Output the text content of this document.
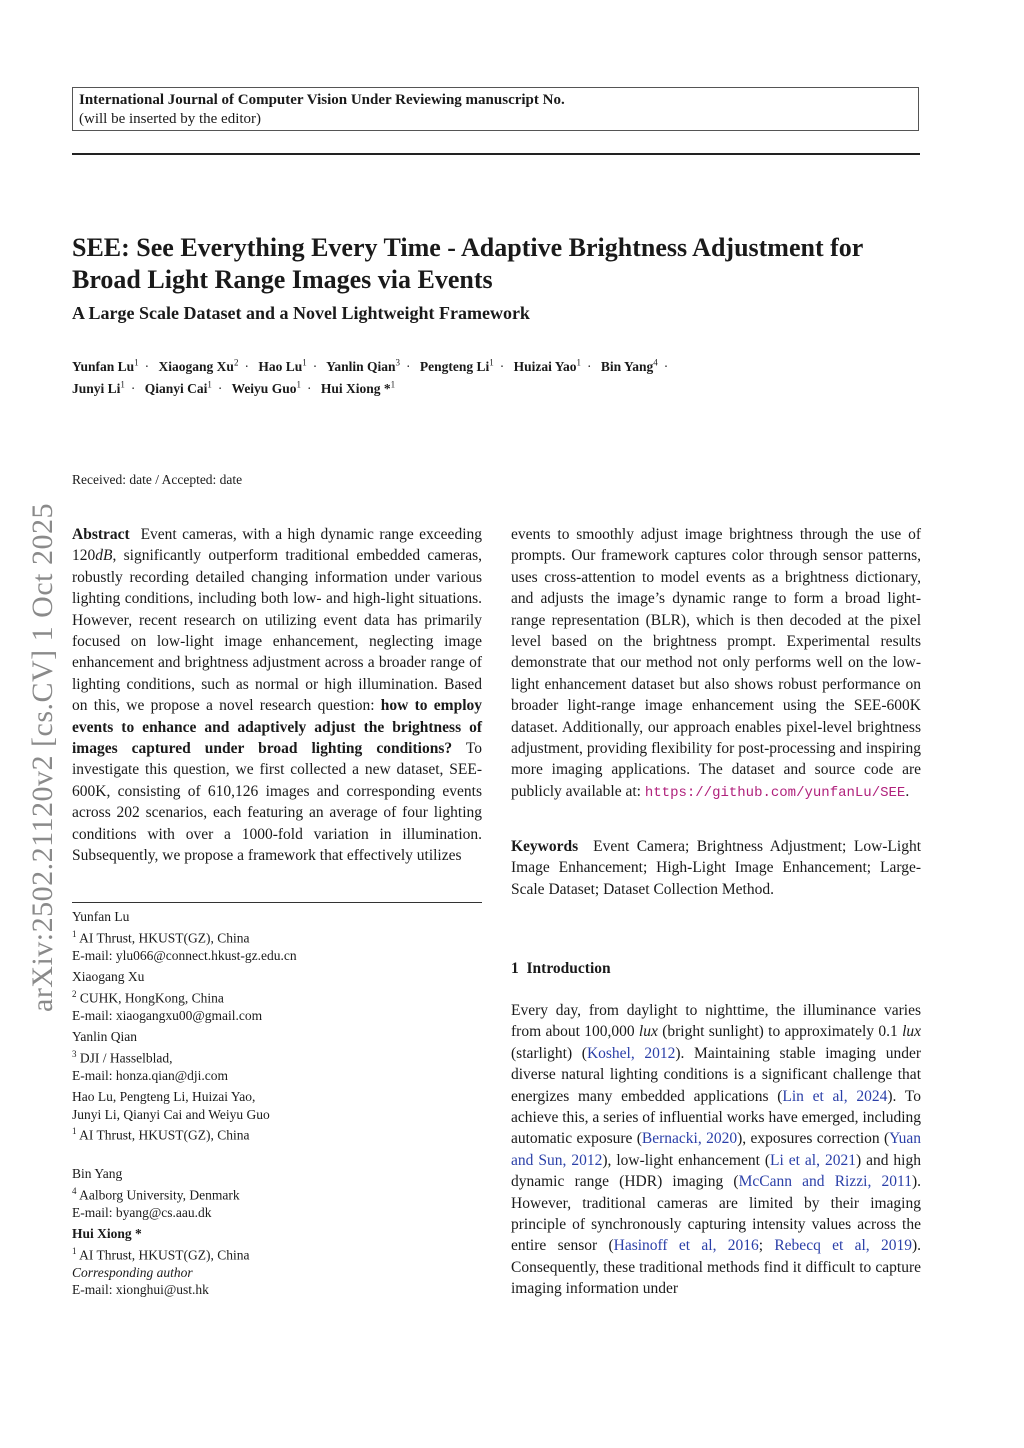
International Journal of Computer Vision Under Reviewing manuscript No.
(will be inserted by the editor)
arXiv:2502.21120v2 [cs.CV] 1 Oct 2025
SEE: See Everything Every Time - Adaptive Brightness Adjustment for Broad Light Range Images via Events
A Large Scale Dataset and a Novel Lightweight Framework
Yunfan $Lu^1$ · Xiaogang $Xu^2$ · Hao $Lu^1$ · Yanlin Qian$^3$ · Pengteng $Li^1$ · Huizai Yao$^1$ · Bin Yang$^4$ ·
Junyi $Li^1$ · Qianyi Cai$^1$ · Weiyu Guo$^1$ · Hui Xiong *$^1$
Received: date / Accepted: date
Abstract Event cameras, with a high dynamic range exceeding 120dB, significantly outperform traditional embedded cameras, robustly recording detailed changing information under various lighting conditions, including both low- and high-light situations. However, recent research on utilizing event data has primarily focused on low-light image enhancement, neglecting image enhancement and brightness adjustment across a broader range of lighting conditions, such as normal or high illumination. Based on this, we propose a novel research question: how to employ events to enhance and adaptively adjust the brightness of images captured under broad lighting conditions? To investigate this question, we first collected a new dataset, SEE-600K, consisting of 610,126 images and corresponding events across 202 scenarios, each featuring an average of four lighting conditions with over a 1000-fold variation in illumination. Subsequently, we propose a framework that effectively utilizes
events to smoothly adjust image brightness through the use of prompts. Our framework captures color through sensor patterns, uses cross-attention to model events as a brightness dictionary, and adjusts the image’s dynamic range to form a broad light-range representation (BLR), which is then decoded at the pixel level based on the brightness prompt. Experimental results demonstrate that our method not only performs well on the low-light enhancement dataset but also shows robust performance on broader light-range image enhancement using the SEE-600K dataset. Additionally, our approach enables pixel-level brightness adjustment, providing flexibility for post-processing and inspiring more imaging applications. The dataset and source code are publicly available at: https://github.com/yunfanLu/SEE.
Keywords Event Camera; Brightness Adjustment; Low-Light Image Enhancement; High-Light Image Enhancement; Large-Scale Dataset; Dataset Collection Method.
Yunfan Lu
$^1$ AI Thrust, HKUST(GZ), China
E-mail: ylu066@connect.hkust-gz.edu.cn
Xiaogang Xu
$^2$ CUHK, HongKong, China
E-mail: xiaogangxu00@gmail.com
Yanlin Qian
$^3$ DJI / Hasselblad,
E-mail: honza.qian@dji.com
Hao Lu, Pengteng Li, Huizai Yao,
Junyi Li, Qianyi Cai and Weiyu Guo
$^1$ AI Thrust, HKUST(GZ), China
Bin Yang
$^4$ Aalborg University, Denmark
E-mail: byang@cs.aau.dk
Hui Xiong *
$^1$ AI Thrust, HKUST(GZ), China
Corresponding author
E-mail: xionghui@ust.hk
1 Introduction
Every day, from daylight to nighttime, the illuminance varies from about 100,000 lux (bright sunlight) to approximately 0.1 lux (starlight) (Koshel, 2012). Maintaining stable imaging under diverse natural lighting conditions is a significant challenge that energizes many embedded applications (Lin et al, 2024). To achieve this, a series of influential works have emerged, including automatic exposure (Bernacki, 2020), exposures correction (Yuan and Sun, 2012), low-light enhancement (Li et al, 2021) and high dynamic range (HDR) imaging (McCann and Rizzi, 2011). However, traditional cameras are limited by their imaging principle of synchronously capturing intensity values across the entire sensor (Hasinoff et al, 2016; Rebecq et al, 2019). Consequently, these traditional methods find it difficult to capture imaging information under
